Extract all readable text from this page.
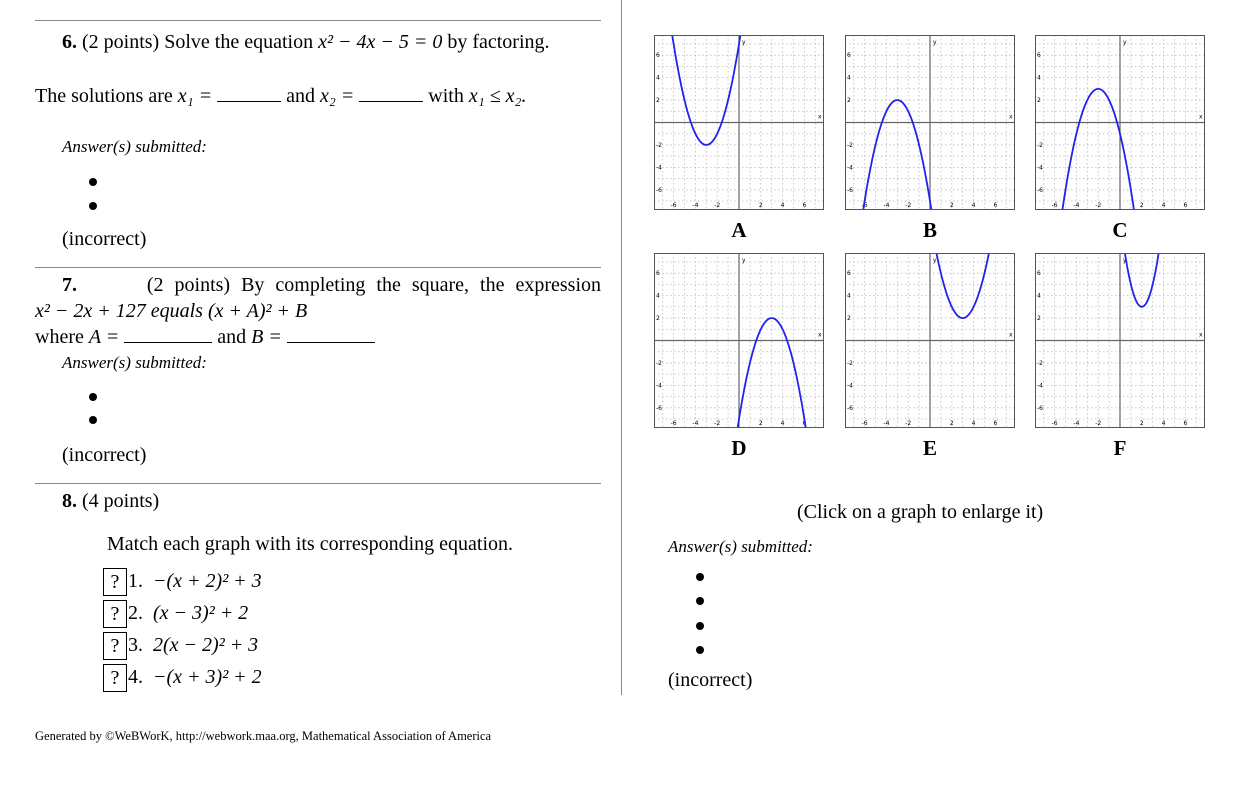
6. (2 points) Solve the equation x² − 4x − 5 = 0 by factoring.
The solutions are x₁ =	and x₂ =	with x₁ ≤ x₂.
Answer(s) submitted:
(incorrect)
7.	(2 points) By completing the square, the expression
x² − 2x + 127 equals (x + A)² + B
where A =	and B =
Answer(s) submitted:
(incorrect)
8. (4 points)
Match each graph with its corresponding equation.
? 1. −(x + 2)² + 3
? 2. (x − 3)² + 2
? 3. 2(x − 2)² + 3
? 4. −(x + 3)² + 2
Generated by ©WeBWorK, http://webwork.maa.org, Mathematical Association of America
-6	-4	-2	2	4	6
6
4
2
-2
-4
-6
x
y
A
-6	-4	-2	2	4	6
6
4
2
-2
-4
-6
x
y
B
-6	-4	-2	2	4	6
6
4
2
-2
-4
-6
x
y
C
-6	-4	-2	2	4	6
6
4
2
-2
-4
-6
x
y
D
-6	-4	-2	2	4	6
6
4
2
-2
-4
-6
x
y
E
-6	-4	-2	2	4	6
6
4
2
-2
-4
-6
x
y
F
(Click on a graph to enlarge it)
Answer(s) submitted:
(incorrect)
